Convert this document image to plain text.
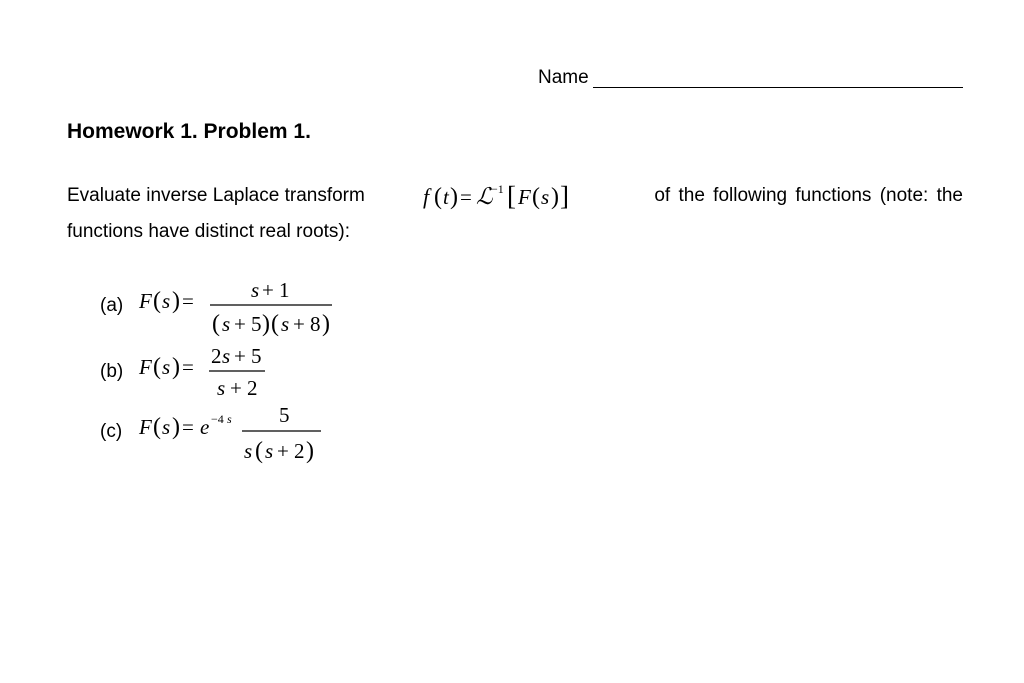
Name
Homework 1. Problem 1.
Evaluate inverse Laplace transform	f ( t ) = ℒ
−1 [ F ( s ) ]	of the following functions (note: the
functions have distinct real roots):
(a) F ( s ) =	s + 1
( s + 5 ) ( s + 8 )
(b) F ( s ) = 2 s + 5
s + 2
(c) F ( s ) = e −4 s 5
s ( s + 2 )
